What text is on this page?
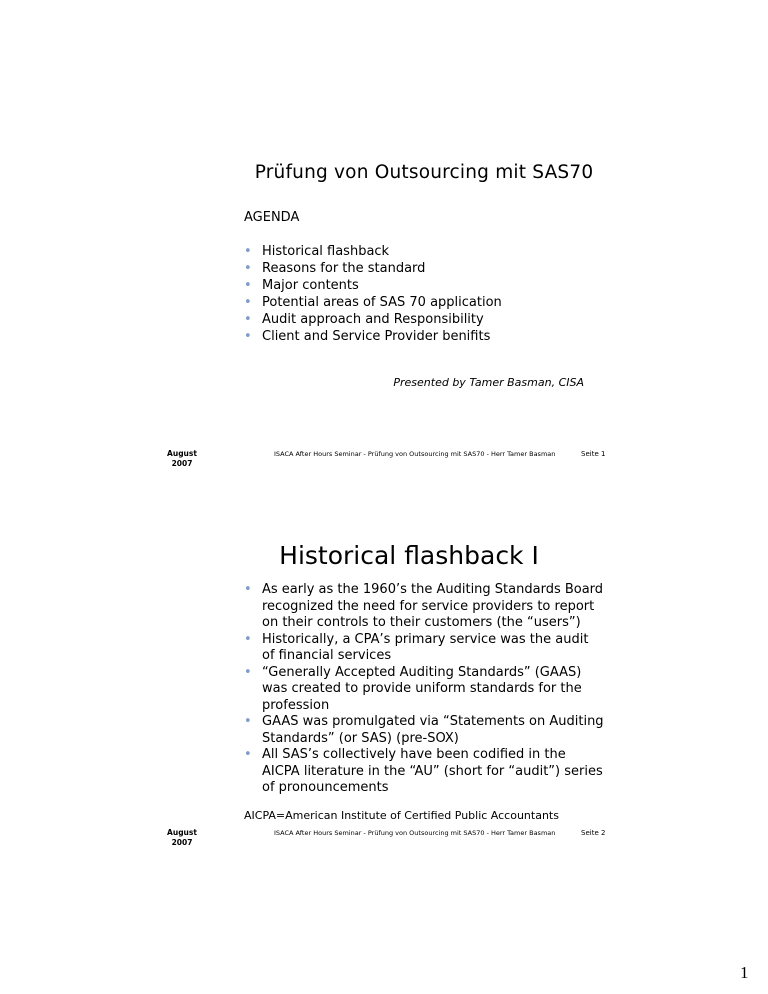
Prüfung von Outsourcing mit SAS70
AGENDA
• Historical flashback
• Reasons for the standard
• Major contents
• Potential areas of SAS 70 application
• Audit approach and Responsibility
• Client and Service Provider benifits
Presented by Tamer Basman, CISA
August
2007
ISACA After Hours Seminar - Prüfung von Outsourcing mit SAS70 - Herr Tamer Basman	Seite 1
Historical flashback I
• As early as the 1960’s the Auditing Standards Board recognized the need for service providers to report on their controls to their customers (the “users”)
• Historically, a CPA’s primary service was the audit of financial services
• “Generally Accepted Auditing Standards” (GAAS) was created to provide uniform standards for the profession
• GAAS was promulgated via “Statements on Auditing Standards” (or SAS) (pre-SOX)
• All SAS’s collectively have been codified in the AICPA literature in the “AU” (short for “audit”) series of pronouncements
AICPA=American Institute of Certified Public Accountants
August
2007
ISACA After Hours Seminar - Prüfung von Outsourcing mit SAS70 - Herr Tamer Basman	Seite 2
1
